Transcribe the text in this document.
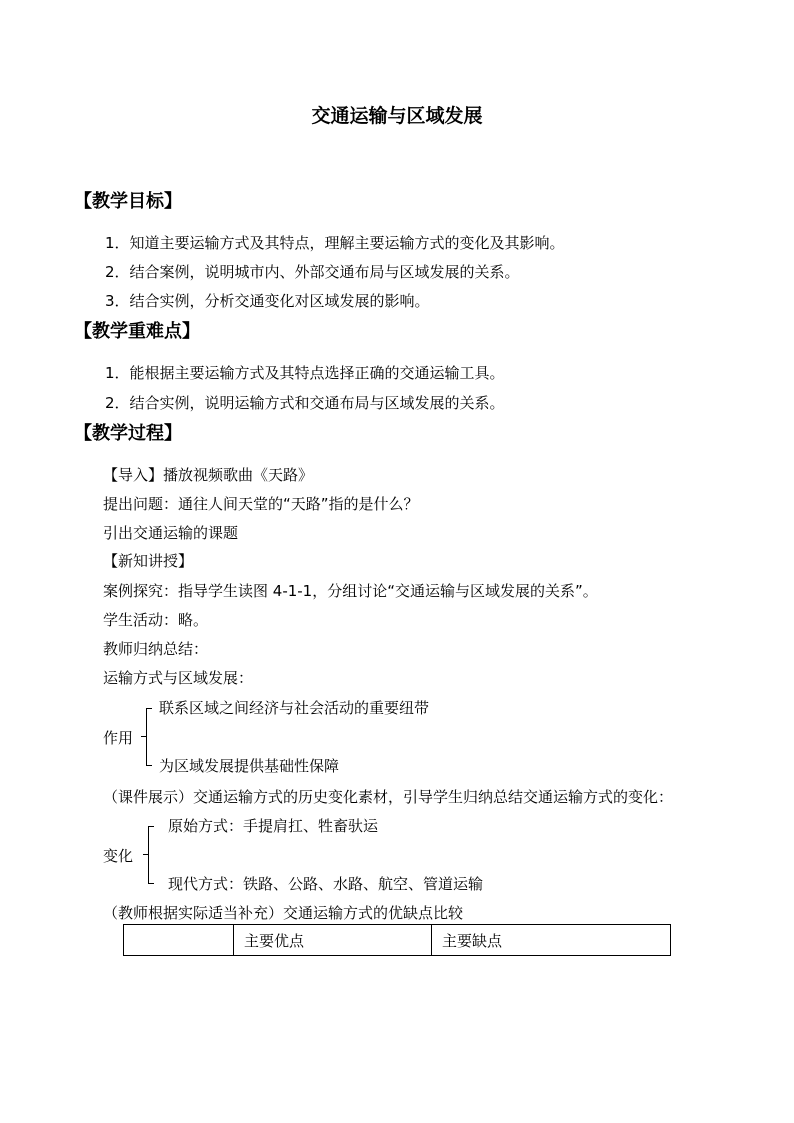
交通运输与区域发展
【教学目标】
1．知道主要运输方式及其特点，理解主要运输方式的变化及其影响。
2．结合案例，说明城市内、外部交通布局与区域发展的关系。
3．结合实例，分析交通变化对区域发展的影响。
【教学重难点】
1．能根据主要运输方式及其特点选择正确的交通运输工具。
2．结合实例，说明运输方式和交通布局与区域发展的关系。
【教学过程】
【导入】播放视频歌曲《天路》
提出问题：通往人间天堂的“天路”指的是什么？
引出交通运输的课题
【新知讲授】
案例探究：指导学生读图 4-1-1，分组讨论“交通运输与区域发展的关系”。
学生活动：略。
教师归纳总结：
运输方式与区域发展：
作用
联系区域之间经济与社会活动的重要纽带
为区域发展提供基础性保障
（课件展示）交通运输方式的历史变化素材，引导学生归纳总结交通运输方式的变化：
变化
原始方式：手提肩扛、牲畜驮运
现代方式：铁路、公路、水路、航空、管道运输
（教师根据实际适当补充）交通运输方式的优缺点比较
	主要优点	主要缺点
